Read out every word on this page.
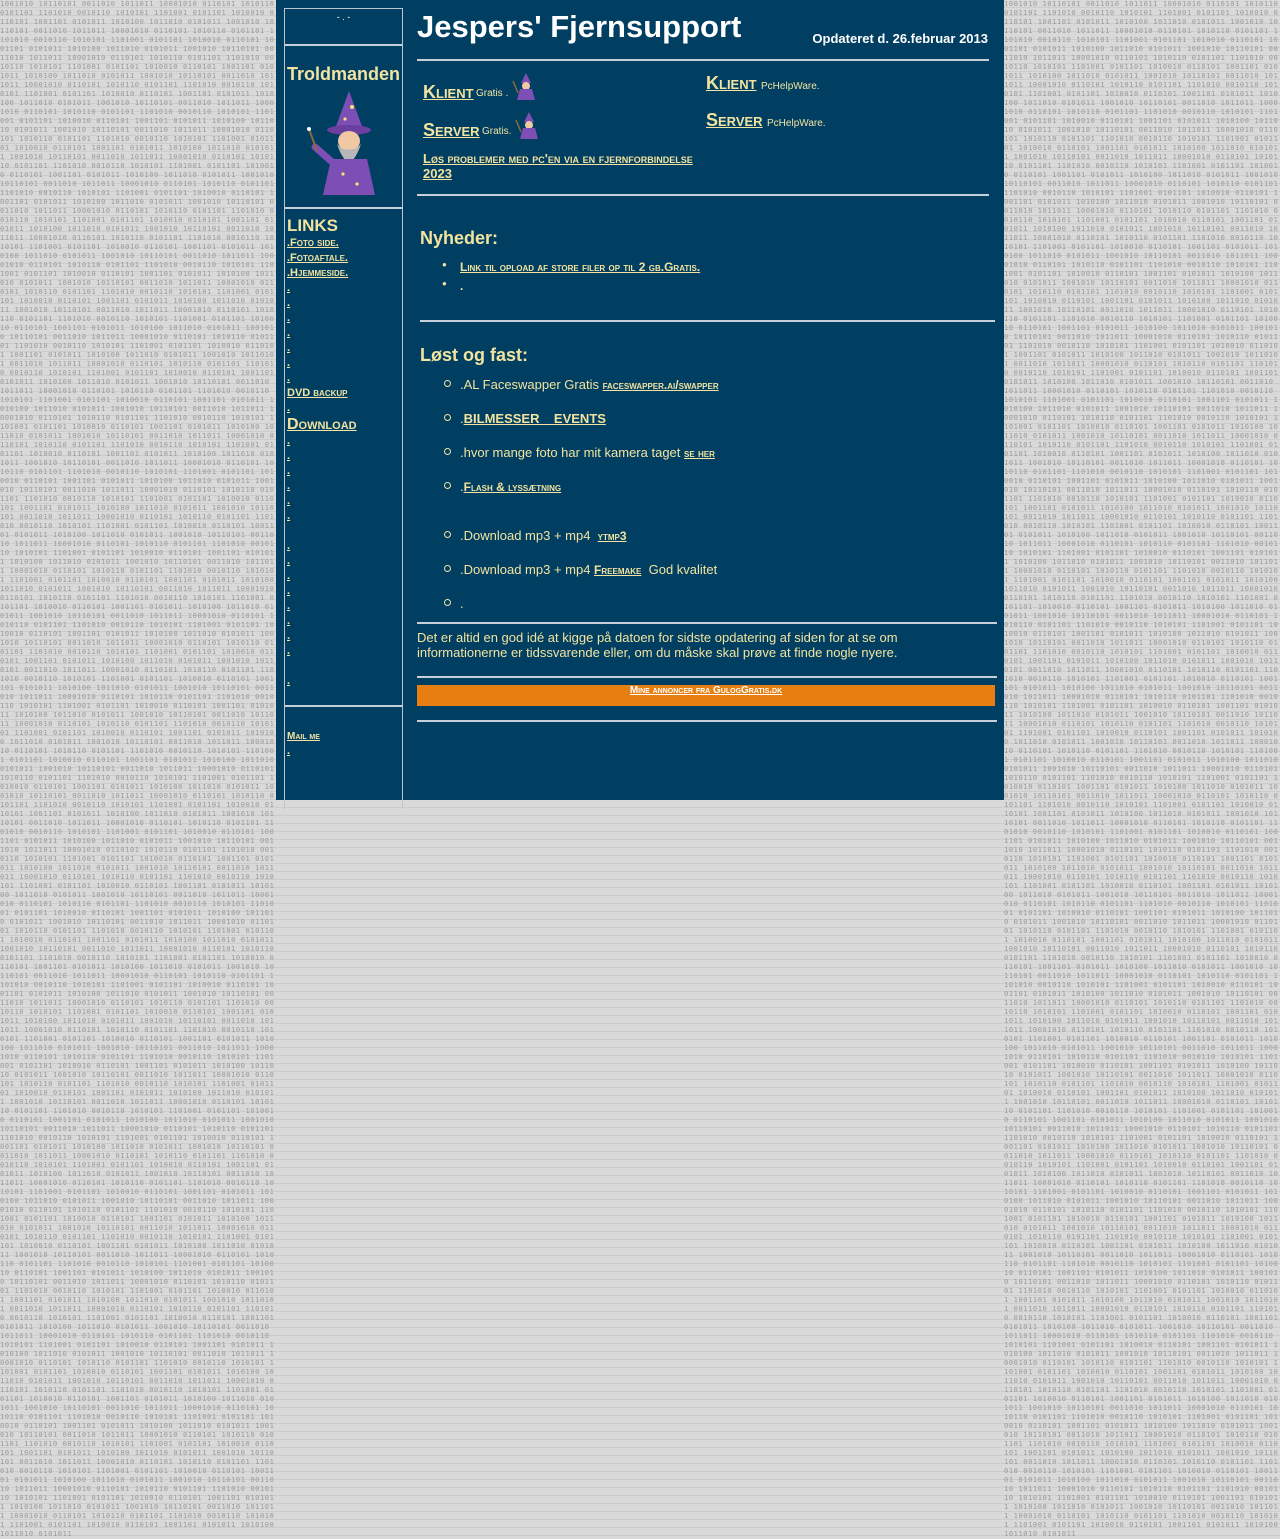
1001010 10110101 0011010 1011011 10001010 0110101 1010110 0101101 1101010 0010110 1010101 1101001 0101101 1010010 0110101 1001101 0101011 1010100 1011010 0101011 1001010 10110101 0011010 1011011 10001010 0110101 1010110 0101101 1101010 0010110 1010101 1101001 0101101 1010010 0110101 1001101 0101011 1010100 1011010 0101011 1001010 10110101 0011010 1011011 10001010 0110101 1010110 0101101 1101010 0010110 1010101 1101001 0101101 1010010 0110101 1001101 0101011 1010100 1011010 0101011 1001010 10110101 0011010 1011011 10001010 0110101 1010110 0101101 1101010 0010110 1010101 1101001 0101101 1010010 0110101 1001101 0101011 1010100 1011010 0101011 1001010 10110101 0011010 1011011 10001010 0110101 1010110 0101101 1101010 0010110 1010101 1101001 0101101 1010010 0110101 1001101 0101011 1010100 1011010 0101011 1001010 10110101 0011010 1011011 10001010 0110101 1010110 0101101 1101010 0010110 1010101 1101001 0101101 1010010 0110101 1001101 0101011 1010100 1011010 0101011 1001010 10110101 0011010 1011011 10001010 0110101 1010110 0101101 1101010 0010110 1010101 1101001 0101101 1010010 0110101 1001101 0101011 1010100 1011010 0101011 1001010 10110101 0011010 1011011 10001010 0110101 1010110 0101101 1101010 0010110 1010101 1101001 0101101 1010010 0110101 1001101 0101011 1010100 1011010 0101011 1001010 10110101 0011010 1011011 10001010 0110101 1010110 0101101 1101010 0010110 1010101 1101001 0101101 1010010 0110101 1001101 0101011 1010100 1011010 0101011 1001010 10110101 0011010 1011011 10001010 0110101 1010110 0101101 1101010 0010110 1010101 1101001 0101101 1010010 0110101 1001101 0101011 1010100 1011010 0101011 1001010 10110101 0011010 1011011 10001010 0110101 1010110 0101101 1101010 0010110 1010101 1101001 0101101 1010010 0110101 1001101 0101011 1010100 1011010 0101011 1001010 10110101 0011010 1011011 10001010 0110101 1010110 0101101 1101010 0010110 1010101 1101001 0101101 1010010 0110101 1001101 0101011 1010100 1011010 0101011 1001010 10110101 0011010 1011011 10001010 0110101 1010110 0101101 1101010 0010110 1010101 1101001 0101101 1010010 0110101 1001101 0101011 1010100 1011010 0101011 1001010 10110101 0011010 1011011 10001010 0110101 1010110 0101101 1101010 0010110 1010101 1101001 0101101 1010010 0110101 1001101 0101011 1010100 1011010 0101011 1001010 10110101 0011010 1011011 10001010 0110101 1010110 0101101 1101010 0010110 1010101 1101001 0101101 1010010 0110101 1001101 0101011 1010100 1011010 0101011 1001010 10110101 0011010 1011011 10001010 0110101 1010110 0101101 1101010 0010110 1010101 1101001 0101101 1010010 0110101 1001101 0101011 1010100 1011010 0101011 1001010 10110101 0011010 1011011 10001010 0110101 1010110 0101101 1101010 0010110 1010101 1101001 0101101 1010010 0110101 1001101 0101011 1010100 1011010 0101011 1001010 10110101 0011010 1011011 10001010 0110101 1010110 0101101 1101010 0010110 1010101 1101001 0101101 1010010 0110101 1001101 0101011 1010100 1011010 0101011 1001010 10110101 0011010 1011011 10001010 0110101 1010110 0101101 1101010 0010110 1010101 1101001 0101101 1010010 0110101 1001101 0101011 1010100 1011010 0101011 1001010 10110101 0011010 1011011 10001010 0110101 1010110 0101101 1101010 0010110 1010101 1101001 0101101 1010010 0110101 1001101 0101011 1010100 1011010 0101011 1001010 10110101 0011010 1011011 10001010 0110101 1010110 0101101 1101010 0010110 1010101 1101001 0101101 1010010 0110101 1001101 0101011 1010100 1011010 0101011 1001010 10110101 0011010 1011011 10001010 0110101 1010110 0101101 1101010 0010110 1010101 1101001 0101101 1010010 0110101 1001101 0101011 1010100 1011010 0101011 1001010 10110101 0011010 1011011 10001010 0110101 1010110 0101101 1101010 0010110 1010101 1101001 0101101 1010010 0110101 1001101 0101011 1010100 1011010 0101011 1001010 10110101 0011010 1011011 10001010 0110101 1010110 0101101 1101010 0010110 1010101 1101001 0101101 1010010 0110101 1001101 0101011 1010100 1011010 0101011 1001010 10110101 0011010 1011011 10001010 0110101 1010110 0101101 1101010 0010110 1010101 1101001 0101101 1010010 0110101 1001101 0101011 1010100 1011010 0101011 1001010 10110101 0011010 1011011 10001010 0110101 1010110 0101101 1101010 0010110 1010101 1101001 0101101 1010010 0110101 1001101 0101011 1010100 1011010 0101011 1001010 10110101 0011010 1011011 10001010 0110101 1010110 0101101 1101010 0010110 1010101 1101001 0101101 1010010 0110101 1001101 0101011 1010100 1011010 0101011 1001010 10110101 0011010 1011011 10001010 0110101 1010110 0101101 1101010 0010110 1010101 1101001 0101101 1010010 0110101 1001101 0101011 1010100 1011010 0101011 1001010 10110101 0011010 1011011 10001010 0110101 1010110 0101101 1101010 0010110 1010101 1101001 0101101 1010010 0110101 1001101 0101011 1010100 1011010 0101011 1001010 10110101 0011010 1011011 10001010 0110101 1010110 0101101 1101010 0010110 1010101 1101001 0101101 1010010 0110101 1001101 0101011 1010100 1011010 0101011 1001010 10110101 0011010 1011011 10001010 0110101 1010110 0101101 1101010 0010110 1010101 1101001 0101101 1010010 0110101 1001101 0101011 1010100 1011010 0101011 1001010 10110101 0011010 1011011 10001010 0110101 1010110 0101101 1101010 0010110 1010101 1101001 0101101 1010010 0110101 1001101 0101011 1010100 1011010 0101011 1001010 10110101 0011010 1011011 10001010 0110101 1010110 0101101 1101010 0010110 1010101 1101001 0101101 1010010 0110101 1001101 0101011 1010100 1011010 0101011 1001010 10110101 0011010 1011011 10001010 0110101 1010110 0101101 1101010 0010110 1010101 1101001 0101101 1010010 0110101 1001101 0101011 1010100 1011010 0101011 1001010 10110101 0011010 1011011 10001010 0110101 1010110 0101101 1101010 0010110 1010101 1101001 0101101 1010010 0110101 1001101 0101011 1010100 1011010 0101011 1001010 10110101 0011010 1011011 10001010 0110101 1010110 0101101 1101010 0010110 1010101 1101001 0101101 1010010 0110101 1001101 0101011 1010100 1011010 0101011 1001010 10110101 0011010 1011011 10001010 0110101 1010110 0101101 1101010 0010110 1010101 1101001 0101101 1010010 0110101 1001101 0101011 1010100 1011010 0101011 1001010 10110101 0011010 1011011 10001010 0110101 1010110 0101101 1101010 0010110 1010101 1101001 0101101 1010010 0110101 1001101 0101011 1010100 1011010 0101011 1001010 10110101 0011010 1011011 10001010 0110101 1010110 0101101 1101010 0010110 1010101 1101001 0101101 1010010 0110101 1001101 0101011 1010100 1011010 0101011 1001010 10110101 0011010 1011011 10001010 0110101 1010110 0101101 1101010 0010110 1010101 1101001 0101101 1010010 0110101 1001101 0101011 1010100 1011010 0101011 1001010 10110101 0011010 1011011 10001010 0110101 1010110 0101101 1101010 0010110 1010101 1101001 0101101 1010010 0110101 1001101 0101011 1010100 1011010 0101011 1001010 10110101 0011010 1011011 10001010 0110101 1010110 0101101 1101010 0010110 1010101 1101001 0101101 1010010 0110101 1001101 0101011 1010100 1011010 0101011 1001010 10110101 0011010 1011011 10001010 0110101 1010110 0101101 1101010 0010110 1010101 1101001 0101101 1010010 0110101 1001101 0101011 1010100 1011010 0101011 1001010 10110101 0011010 1011011 10001010 0110101 1010110 0101101 1101010 0010110 1010101 1101001 0101101 1010010 0110101 1001101 0101011 1010100 1011010 0101011 1001010 10110101 0011010 1011011 10001010 0110101 1010110 0101101 1101010 0010110 1010101 1101001 0101101 1010010 0110101 1001101 0101011 1010100 1011010 0101011 1001010 10110101 0011010 1011011 10001010 0110101 1010110 0101101 1101010 0010110 1010101 1101001 0101101 1010010 0110101 1001101 0101011 1010100 1011010 0101011 1001010 10110101 0011010 1011011 10001010 0110101 1010110 0101101 1101010 0010110 1010101 1101001 0101101 1010010 0110101 1001101 0101011 1010100 1011010 0101011 1001010 10110101 0011010 1011011 10001010 0110101 1010110 0101101 1101010 0010110 1010101 1101001 0101101 1010010 0110101 1001101 0101011 1010100 1011010 0101011 1001010 10110101 0011010 1011011 10001010 0110101 1010110 0101101 1101010 0010110 1010101 1101001 0101101 1010010 0110101 1001101 0101011 1010100 1011010 0101011 1001010 10110101 0011010 1011011 10001010 0110101 1010110 0101101 1101010 0010110 1010101 1101001 0101101 1010010 0110101 1001101 0101011 1010100 1011010 0101011 1001010 10110101 0011010 1011011 10001010 0110101 1010110 0101101 1101010 0010110 1010101 1101001 0101101 1010010 0110101 1001101 0101011 1010100 1011010 0101011 1001010 10110101 0011010 1011011 10001010 0110101 1010110 0101101 1101010 0010110 1010101 1101001 0101101 1010010 0110101 1001101 0101011 1010100 1011010 0101011 1001010 10110101 0011010 1011011 10001010 0110101 1010110 0101101 1101010 0010110 1010101 1101001 0101101 1010010 0110101 1001101 0101011 1010100 1011010 0101011 1001010 10110101 0011010 1011011 10001010 0110101 1010110 0101101 1101010 0010110 1010101 1101001 0101101 1010010 0110101 1001101 0101011 1010100 1011010 0101011 1001010 10110101 0011010 1011011 10001010 0110101 1010110 0101101 1101010 0010110 1010101 1101001 0101101 1010010 0110101 1001101 0101011 1010100 1011010 0101011 1001010 10110101 0011010 1011011 10001010 0110101 1010110 0101101 1101010 0010110 1010101 1101001 0101101 1010010 0110101 1001101 0101011 1010100 1011010 0101011 1001010 10110101 0011010 1011011 10001010 0110101 1010110 0101101 1101010 0010110 1010101 1101001 0101101 1010010 0110101 1001101 0101011 1010100 1011010 0101011 1001010 10110101 0011010 1011011 10001010 0110101 1010110 0101101 1101010 0010110 1010101 1101001 0101101 1010010 0110101 1001101 0101011 1010100 1011010 0101011 1001010 10110101 0011010 1011011 10001010 0110101 1010110 0101101 1101010 0010110 1010101 1101001 0101101 1010010 0110101 1001101 0101011 1010100 1011010 0101011 1001010 10110101 0011010 1011011 10001010 0110101 1010110 0101101 1101010 0010110 1010101 1101001 0101101 1010010 0110101 1001101 0101011 1010100 1011010 0101011
1001010 10110101 0011010 1011011 10001010 0110101 1010110 0101101 1101010 0010110 1010101 1101001 0101101 1010010 0110101 1001101 0101011 1010100 1011010 0101011 1001010 10110101 0011010 1011011 10001010 0110101 1010110 0101101 1101010 0010110 1010101 1101001 0101101 1010010 0110101 1001101 0101011 1010100 1011010 0101011 1001010 10110101 0011010 1011011 10001010 0110101 1010110 0101101 1101010 0010110 1010101 1101001 0101101 1010010 0110101 1001101 0101011 1010100 1011010 0101011 1001010 10110101 0011010 1011011 10001010 0110101 1010110 0101101 1101010 0010110 1010101 1101001 0101101 1010010 0110101 1001101 0101011 1010100 1011010 0101011 1001010 10110101 0011010 1011011 10001010 0110101 1010110 0101101 1101010 0010110 1010101 1101001 0101101 1010010 0110101 1001101 0101011 1010100 1011010 0101011 1001010 10110101 0011010 1011011 10001010 0110101 1010110 0101101 1101010 0010110 1010101 1101001 0101101 1010010 0110101 1001101 0101011 1010100 1011010 0101011 1001010 10110101 0011010 1011011 10001010 0110101 1010110 0101101 1101010 0010110 1010101 1101001 0101101 1010010 0110101 1001101 0101011 1010100 1011010 0101011 1001010 10110101 0011010 1011011 10001010 0110101 1010110 0101101 1101010 0010110 1010101 1101001 0101101 1010010 0110101 1001101 0101011 1010100 1011010 0101011 1001010 10110101 0011010 1011011 10001010 0110101 1010110 0101101 1101010 0010110 1010101 1101001 0101101 1010010 0110101 1001101 0101011 1010100 1011010 0101011 1001010 10110101 0011010 1011011 10001010 0110101 1010110 0101101 1101010 0010110 1010101 1101001 0101101 1010010 0110101 1001101 0101011 1010100 1011010 0101011 1001010 10110101 0011010 1011011 10001010 0110101 1010110 0101101 1101010 0010110 1010101 1101001 0101101 1010010 0110101 1001101 0101011 1010100 1011010 0101011 1001010 10110101 0011010 1011011 10001010 0110101 1010110 0101101 1101010 0010110 1010101 1101001 0101101 1010010 0110101 1001101 0101011 1010100 1011010 0101011 1001010 10110101 0011010 1011011 10001010 0110101 1010110 0101101 1101010 0010110 1010101 1101001 0101101 1010010 0110101 1001101 0101011 1010100 1011010 0101011 1001010 10110101 0011010 1011011 10001010 0110101 1010110 0101101 1101010 0010110 1010101 1101001 0101101 1010010 0110101 1001101 0101011 1010100 1011010 0101011 1001010 10110101 0011010 1011011 10001010 0110101 1010110 0101101 1101010 0010110 1010101 1101001 0101101 1010010 0110101 1001101 0101011 1010100 1011010 0101011 1001010 10110101 0011010 1011011 10001010 0110101 1010110 0101101 1101010 0010110 1010101 1101001 0101101 1010010 0110101 1001101 0101011 1010100 1011010 0101011 1001010 10110101 0011010 1011011 10001010 0110101 1010110 0101101 1101010 0010110 1010101 1101001 0101101 1010010 0110101 1001101 0101011 1010100 1011010 0101011 1001010 10110101 0011010 1011011 10001010 0110101 1010110 0101101 1101010 0010110 1010101 1101001 0101101 1010010 0110101 1001101 0101011 1010100 1011010 0101011 1001010 10110101 0011010 1011011 10001010 0110101 1010110 0101101 1101010 0010110 1010101 1101001 0101101 1010010 0110101 1001101 0101011 1010100 1011010 0101011 1001010 10110101 0011010 1011011 10001010 0110101 1010110 0101101 1101010 0010110 1010101 1101001 0101101 1010010 0110101 1001101 0101011 1010100 1011010 0101011 1001010 10110101 0011010 1011011 10001010 0110101 1010110 0101101 1101010 0010110 1010101 1101001 0101101 1010010 0110101 1001101 0101011 1010100 1011010 0101011 1001010 10110101 0011010 1011011 10001010 0110101 1010110 0101101 1101010 0010110 1010101 1101001 0101101 1010010 0110101 1001101 0101011 1010100 1011010 0101011 1001010 10110101 0011010 1011011 10001010 0110101 1010110 0101101 1101010 0010110 1010101 1101001 0101101 1010010 0110101 1001101 0101011 1010100 1011010 0101011 1001010 10110101 0011010 1011011 10001010 0110101 1010110 0101101 1101010 0010110 1010101 1101001 0101101 1010010 0110101 1001101 0101011 1010100 1011010 0101011 1001010 10110101 0011010 1011011 10001010 0110101 1010110 0101101 1101010 0010110 1010101 1101001 0101101 1010010 0110101 1001101 0101011 1010100 1011010 0101011 1001010 10110101 0011010 1011011 10001010 0110101 1010110 0101101 1101010 0010110 1010101 1101001 0101101 1010010 0110101 1001101 0101011 1010100 1011010 0101011 1001010 10110101 0011010 1011011 10001010 0110101 1010110 0101101 1101010 0010110 1010101 1101001 0101101 1010010 0110101 1001101 0101011 1010100 1011010 0101011 1001010 10110101 0011010 1011011 10001010 0110101 1010110 0101101 1101010 0010110 1010101 1101001 0101101 1010010 0110101 1001101 0101011 1010100 1011010 0101011 1001010 10110101 0011010 1011011 10001010 0110101 1010110 0101101 1101010 0010110 1010101 1101001 0101101 1010010 0110101 1001101 0101011 1010100 1011010 0101011 1001010 10110101 0011010 1011011 10001010 0110101 1010110 0101101 1101010 0010110 1010101 1101001 0101101 1010010 0110101 1001101 0101011 1010100 1011010 0101011 1001010 10110101 0011010 1011011 10001010 0110101 1010110 0101101 1101010 0010110 1010101 1101001 0101101 1010010 0110101 1001101 0101011 1010100 1011010 0101011 1001010 10110101 0011010 1011011 10001010 0110101 1010110 0101101 1101010 0010110 1010101 1101001 0101101 1010010 0110101 1001101 0101011 1010100 1011010 0101011 1001010 10110101 0011010 1011011 10001010 0110101 1010110 0101101 1101010 0010110 1010101 1101001 0101101 1010010 0110101 1001101 0101011 1010100 1011010 0101011 1001010 10110101 0011010 1011011 10001010 0110101 1010110 0101101 1101010 0010110 1010101 1101001 0101101 1010010 0110101 1001101 0101011 1010100 1011010 0101011 1001010 10110101 0011010 1011011 10001010 0110101 1010110 0101101 1101010 0010110 1010101 1101001 0101101 1010010 0110101 1001101 0101011 1010100 1011010 0101011 1001010 10110101 0011010 1011011 10001010 0110101 1010110 0101101 1101010 0010110 1010101 1101001 0101101 1010010 0110101 1001101 0101011 1010100 1011010 0101011 1001010 10110101 0011010 1011011 10001010 0110101 1010110 0101101 1101010 0010110 1010101 1101001 0101101 1010010 0110101 1001101 0101011 1010100 1011010 0101011 1001010 10110101 0011010 1011011 10001010 0110101 1010110 0101101 1101010 0010110 1010101 1101001 0101101 1010010 0110101 1001101 0101011 1010100 1011010 0101011 1001010 10110101 0011010 1011011 10001010 0110101 1010110 0101101 1101010 0010110 1010101 1101001 0101101 1010010 0110101 1001101 0101011 1010100 1011010 0101011 1001010 10110101 0011010 1011011 10001010 0110101 1010110 0101101 1101010 0010110 1010101 1101001 0101101 1010010 0110101 1001101 0101011 1010100 1011010 0101011 1001010 10110101 0011010 1011011 10001010 0110101 1010110 0101101 1101010 0010110 1010101 1101001 0101101 1010010 0110101 1001101 0101011 1010100 1011010 0101011 1001010 10110101 0011010 1011011 10001010 0110101 1010110 0101101 1101010 0010110 1010101 1101001 0101101 1010010 0110101 1001101 0101011 1010100 1011010 0101011 1001010 10110101 0011010 1011011 10001010 0110101 1010110 0101101 1101010 0010110 1010101 1101001 0101101 1010010 0110101 1001101 0101011 1010100 1011010 0101011 1001010 10110101 0011010 1011011 10001010 0110101 1010110 0101101 1101010 0010110 1010101 1101001 0101101 1010010 0110101 1001101 0101011 1010100 1011010 0101011 1001010 10110101 0011010 1011011 10001010 0110101 1010110 0101101 1101010 0010110 1010101 1101001 0101101 1010010 0110101 1001101 0101011 1010100 1011010 0101011 1001010 10110101 0011010 1011011 10001010 0110101 1010110 0101101 1101010 0010110 1010101 1101001 0101101 1010010 0110101 1001101 0101011 1010100 1011010 0101011 1001010 10110101 0011010 1011011 10001010 0110101 1010110 0101101 1101010 0010110 1010101 1101001 0101101 1010010 0110101 1001101 0101011 1010100 1011010 0101011 1001010 10110101 0011010 1011011 10001010 0110101 1010110 0101101 1101010 0010110 1010101 1101001 0101101 1010010 0110101 1001101 0101011 1010100 1011010 0101011 1001010 10110101 0011010 1011011 10001010 0110101 1010110 0101101 1101010 0010110 1010101 1101001 0101101 1010010 0110101 1001101 0101011 1010100 1011010 0101011 1001010 10110101 0011010 1011011 10001010 0110101 1010110 0101101 1101010 0010110 1010101 1101001 0101101 1010010 0110101 1001101 0101011 1010100 1011010 0101011 1001010 10110101 0011010 1011011 10001010 0110101 1010110 0101101 1101010 0010110 1010101 1101001 0101101 1010010 0110101 1001101 0101011 1010100 1011010 0101011 1001010 10110101 0011010 1011011 10001010 0110101 1010110 0101101 1101010 0010110 1010101 1101001 0101101 1010010 0110101 1001101 0101011 1010100 1011010 0101011 1001010 10110101 0011010 1011011 10001010 0110101 1010110 0101101 1101010 0010110 1010101 1101001 0101101 1010010 0110101 1001101 0101011 1010100 1011010 0101011 1001010 10110101 0011010 1011011 10001010 0110101 1010110 0101101 1101010 0010110 1010101 1101001 0101101 1010010 0110101 1001101 0101011 1010100 1011010 0101011 1001010 10110101 0011010 1011011 10001010 0110101 1010110 0101101 1101010 0010110 1010101 1101001 0101101 1010010 0110101 1001101 0101011 1010100 1011010 0101011 1001010 10110101 0011010 1011011 10001010 0110101 1010110 0101101 1101010 0010110 1010101 1101001 0101101 1010010 0110101 1001101 0101011 1010100 1011010 0101011 1001010 10110101 0011010 1011011 10001010 0110101 1010110 0101101 1101010 0010110 1010101 1101001 0101101 1010010 0110101 1001101 0101011 1010100 1011010 0101011 1001010 10110101 0011010 1011011 10001010 0110101 1010110 0101101 1101010 0010110 1010101 1101001 0101101 1010010 0110101 1001101 0101011 1010100 1011010 0101011 1001010 10110101 0011010 1011011 10001010 0110101 1010110 0101101 1101010 0010110 1010101 1101001 0101101 1010010 0110101 1001101 0101011 1010100 1011010 0101011 1001010 10110101 0011010 1011011 10001010 0110101 1010110 0101101 1101010 0010110 1010101 1101001 0101101 1010010 0110101 1001101 0101011 1010100 1011010 0101011
- . -
Troldmanden
LINKS
.Foto side.
.Fotoaftale.
.Hjemmeside.
.
.
.
.
.
.
.
DVD backup
.
Download
.
.
.
.
.
.
.
.
.
.
.
.
.
.
.
Mail me
.
Jespers' Fjernsupport	Opdateret d. 26.februar 2013
Klient Gratis .
Server Gratis.
Løs problemer med pc'en via en fjernforbindelse 2023
Klient PcHelpWare.
Server PcHelpWare.
Nyheder:
● Link til opload af store filer op til 2 gb.Gratis.
● .
Løst og fast:
.AL Faceswapper Gratis faceswapper.ai/swapper
.BILMESSER    EVENTS
.hvor mange foto har mit kamera taget se her
.Flash & lyssætning
.Download mp3 + mp4  ytmp3
.Download mp3 + mp4 Freemake  God kvalitet
.
Det er altid en god idé at kigge på datoen for sidste opdatering af siden for at se om informationerne er tidssvarende eller, om du måske skal prøve at finde nogle nyere.
Mine annoncer fra GulogGratis.dk
